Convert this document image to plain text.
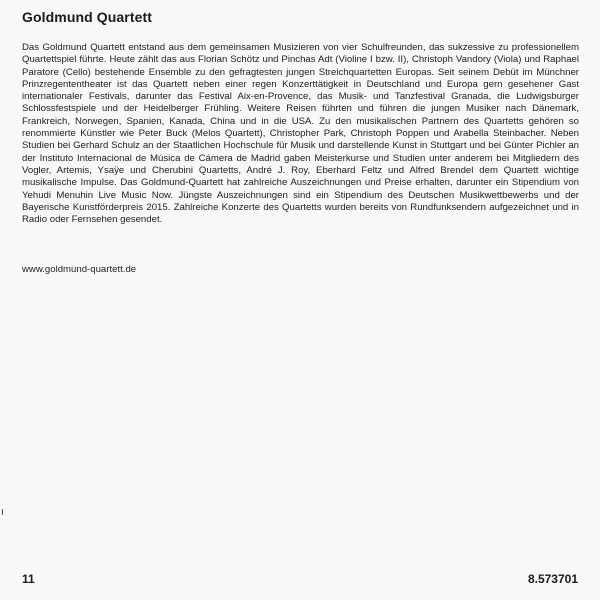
Goldmund Quartett

Das Goldmund Quartett entstand aus dem gemeinsamen Musizieren von vier Schulfreunden, das sukzessive zu professionellem Quartettspiel führte. Heute zählt das aus Florian Schötz und Pinchas Adt (Violine I bzw. II), Christoph Vandory (Viola) und Raphael Paratore (Cello) bestehende Ensemble zu den gefragtesten jungen Streichquartetten Europas. Seit seinem Debüt im Münchner Prinzregententheater ist das Quartett neben einer regen Konzerttätigkeit in Deutschland und Europa gern gesehener Gast internationaler Festivals, darunter das Festival Aix-en-Provence, das Musik- und Tanzfestival Granada, die Ludwigsburger Schlossfestspiele und der Heidelberger Frühling. Weitere Reisen führten und führen die jungen Musiker nach Dänemark, Frankreich, Norwegen, Spanien, Kanada, China und in die USA. Zu den musikalischen Partnern des Quartetts gehören so renommierte Künstler wie Peter Buck (Melos Quartett), Christopher Park, Christoph Poppen und Arabella Steinbacher. Neben Studien bei Gerhard Schulz an der Staatlichen Hochschule für Musik und darstellende Kunst in Stuttgart und bei Günter Pichler an der Instituto Internacional de Música de Cámera de Madrid gaben Meisterkurse und Studien unter anderem bei Mitgliedern des Vogler, Artemis, Ysaÿe und Cherubini Quartetts, André J. Roy, Eberhard Feltz und Alfred Brendel dem Quartett wichtige musikalische Impulse. Das Goldmund-Quartett hat zahlreiche Auszeichnungen und Preise erhalten, darunter ein Stipendium von Yehudi Menuhin Live Music Now. Jüngste Auszeichnungen sind ein Stipendium des Deutschen Musikwettbewerbs und der Bayerische Kunstförderpreis 2015. Zahlreiche Konzerte des Quartetts wurden bereits von Rundfunksendern aufgezeichnet und in Radio oder Fernsehen gesendet.

www.goldmund-quartett.de
11	8.573701
